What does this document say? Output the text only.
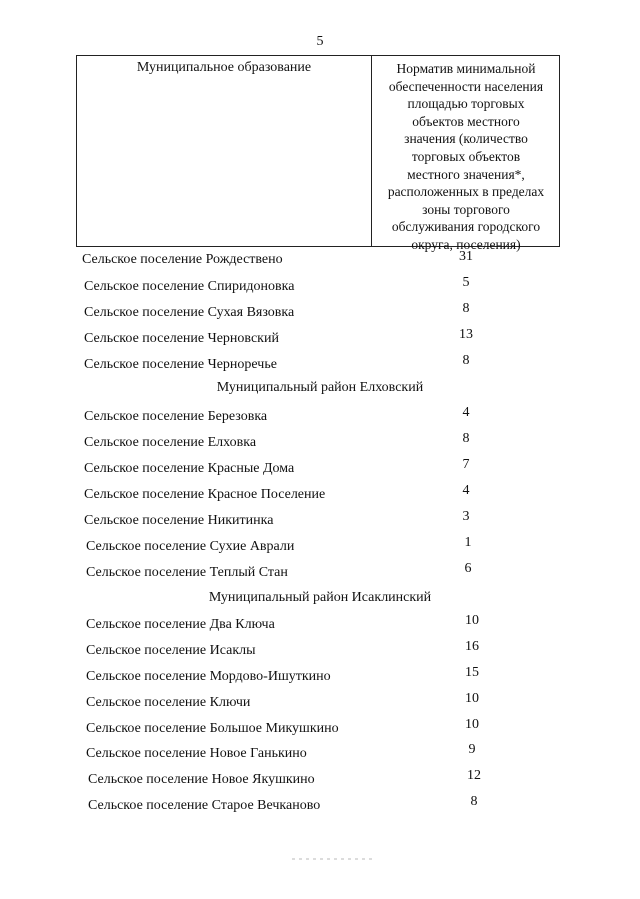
5
Муниципальное образование	Норматив минимальной
обеспеченности населения
площадью торговых
объектов местного
значения (количество
торговых объектов
местного значения*,
расположенных в пределах
зоны торгового
обслуживания городского
округа, поселения)
Сельское поселение Рождествено	31
Сельское поселение Спиридоновка	5
Сельское поселение Сухая Вязовка	8
Сельское поселение Черновский	13
Сельское поселение Черноречье	8
Муниципальный район Елховский
Сельское поселение Березовка	4
Сельское поселение Елховка	8
Сельское поселение Красные Дома	7
Сельское поселение Красное Поселение	4
Сельское поселение Никитинка	3
Сельское поселение Сухие Аврали	1
Сельское поселение Теплый Стан	6
Муниципальный район Исаклинский
Сельское поселение Два Ключа	10
Сельское поселение Исаклы	16
Сельское поселение Мордово-Ишуткино	15
Сельское поселение Ключи	10
Сельское поселение Большое Микушкино	10
Сельское поселение Новое Ганькино	9
Сельское поселение Новое Якушкино	12
Сельское поселение Старое Вечканово	8
